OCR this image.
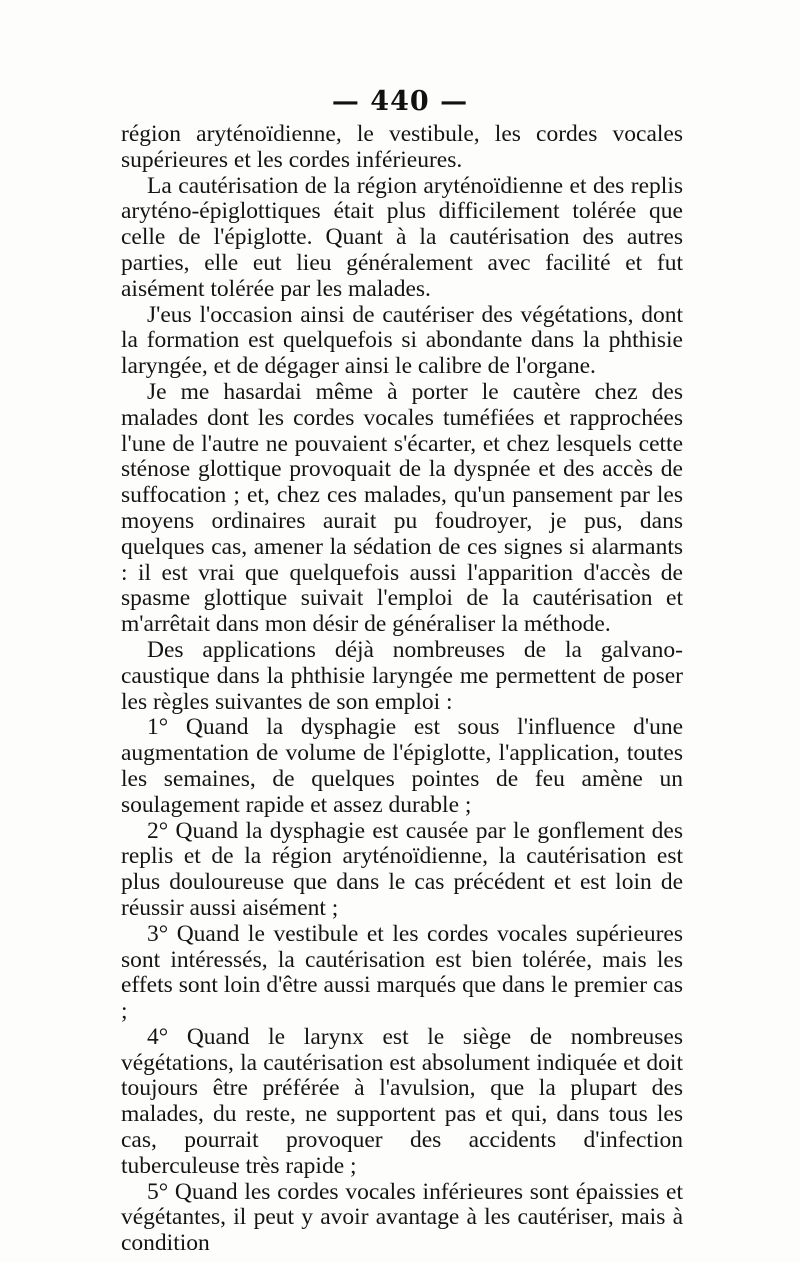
— 440 —

région aryténoïdienne, le vestibule, les cordes vocales supérieures et les cordes inférieures.

La cautérisation de la région aryténoïdienne et des replis aryténo-épiglottiques était plus difficilement tolérée que celle de l'épiglotte. Quant à la cautérisation des autres parties, elle eut lieu généralement avec facilité et fut aisément tolérée par les malades.

J'eus l'occasion ainsi de cautériser des végétations, dont la formation est quelquefois si abondante dans la phthisie laryngée, et de dégager ainsi le calibre de l'organe.

Je me hasardai même à porter le cautère chez des malades dont les cordes vocales tuméfiées et rapprochées l'une de l'autre ne pouvaient s'écarter, et chez lesquels cette sténose glottique provoquait de la dyspnée et des accès de suffocation ; et, chez ces malades, qu'un pansement par les moyens ordinaires aurait pu foudroyer, je pus, dans quelques cas, amener la sédation de ces signes si alarmants : il est vrai que quelquefois aussi l'apparition d'accès de spasme glottique suivait l'emploi de la cautérisation et m'arrêtait dans mon désir de généraliser la méthode.

Des applications déjà nombreuses de la galvano-caustique dans la phthisie laryngée me permettent de poser les règles suivantes de son emploi :

1° Quand la dysphagie est sous l'influence d'une augmentation de volume de l'épiglotte, l'application, toutes les semaines, de quelques pointes de feu amène un soulagement rapide et assez durable ;

2° Quand la dysphagie est causée par le gonflement des replis et de la région aryténoïdienne, la cautérisation est plus douloureuse que dans le cas précédent et est loin de réussir aussi aisément ;

3° Quand le vestibule et les cordes vocales supérieures sont intéressés, la cautérisation est bien tolérée, mais les effets sont loin d'être aussi marqués que dans le premier cas ;

4° Quand le larynx est le siège de nombreuses végétations, la cautérisation est absolument indiquée et doit toujours être préférée à l'avulsion, que la plupart des malades, du reste, ne supportent pas et qui, dans tous les cas, pourrait provoquer des accidents d'infection tuberculeuse très rapide ;

5° Quand les cordes vocales inférieures sont épaissies et végétantes, il peut y avoir avantage à les cautériser, mais à condition
